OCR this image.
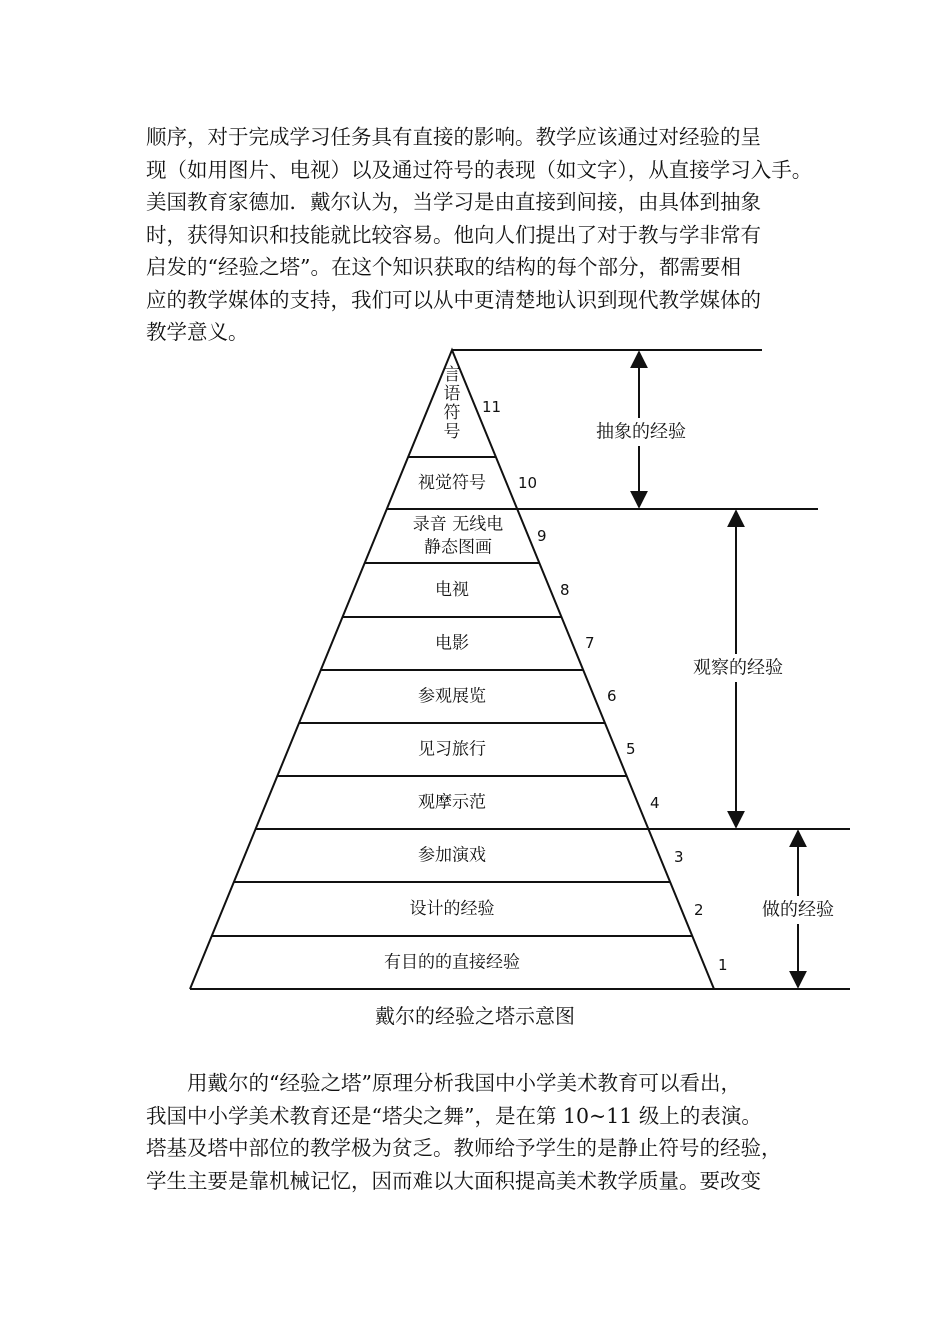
顺序，对于完成学习任务具有直接的影响。教学应该通过对经验的呈
现（如用图片、电视）以及通过符号的表现（如文字），从直接学习入手。
美国教育家德加．戴尔认为，当学习是由直接到间接，由具体到抽象
时，获得知识和技能就比较容易。他向人们提出了对于教与学非常有
启发的“经验之塔”。在这个知识获取的结构的每个部分，都需要相
应的教学媒体的支持，我们可以从中更清楚地认识到现代教学媒体的
教学意义。
有目的的直接经验
设计的经验
参加演戏
观摩示范
见习旅行
参观展览
电影
电视
录音 无线电
静态图画
视觉符号
言
语
符
号
1
2
3
4
5
6
7
8
9
10
11
抽象的经验
观察的经验
做的经验

戴尔的经验之塔示意图

用戴尔的“经验之塔”原理分析我国中小学美术教育可以看出，
我国中小学美术教育还是“塔尖之舞”，是在第 10~11 级上的表演。
塔基及塔中部位的教学极为贫乏。教师给予学生的是静止符号的经验，
学生主要是靠机械记忆，因而难以大面积提高美术教学质量。要改变
